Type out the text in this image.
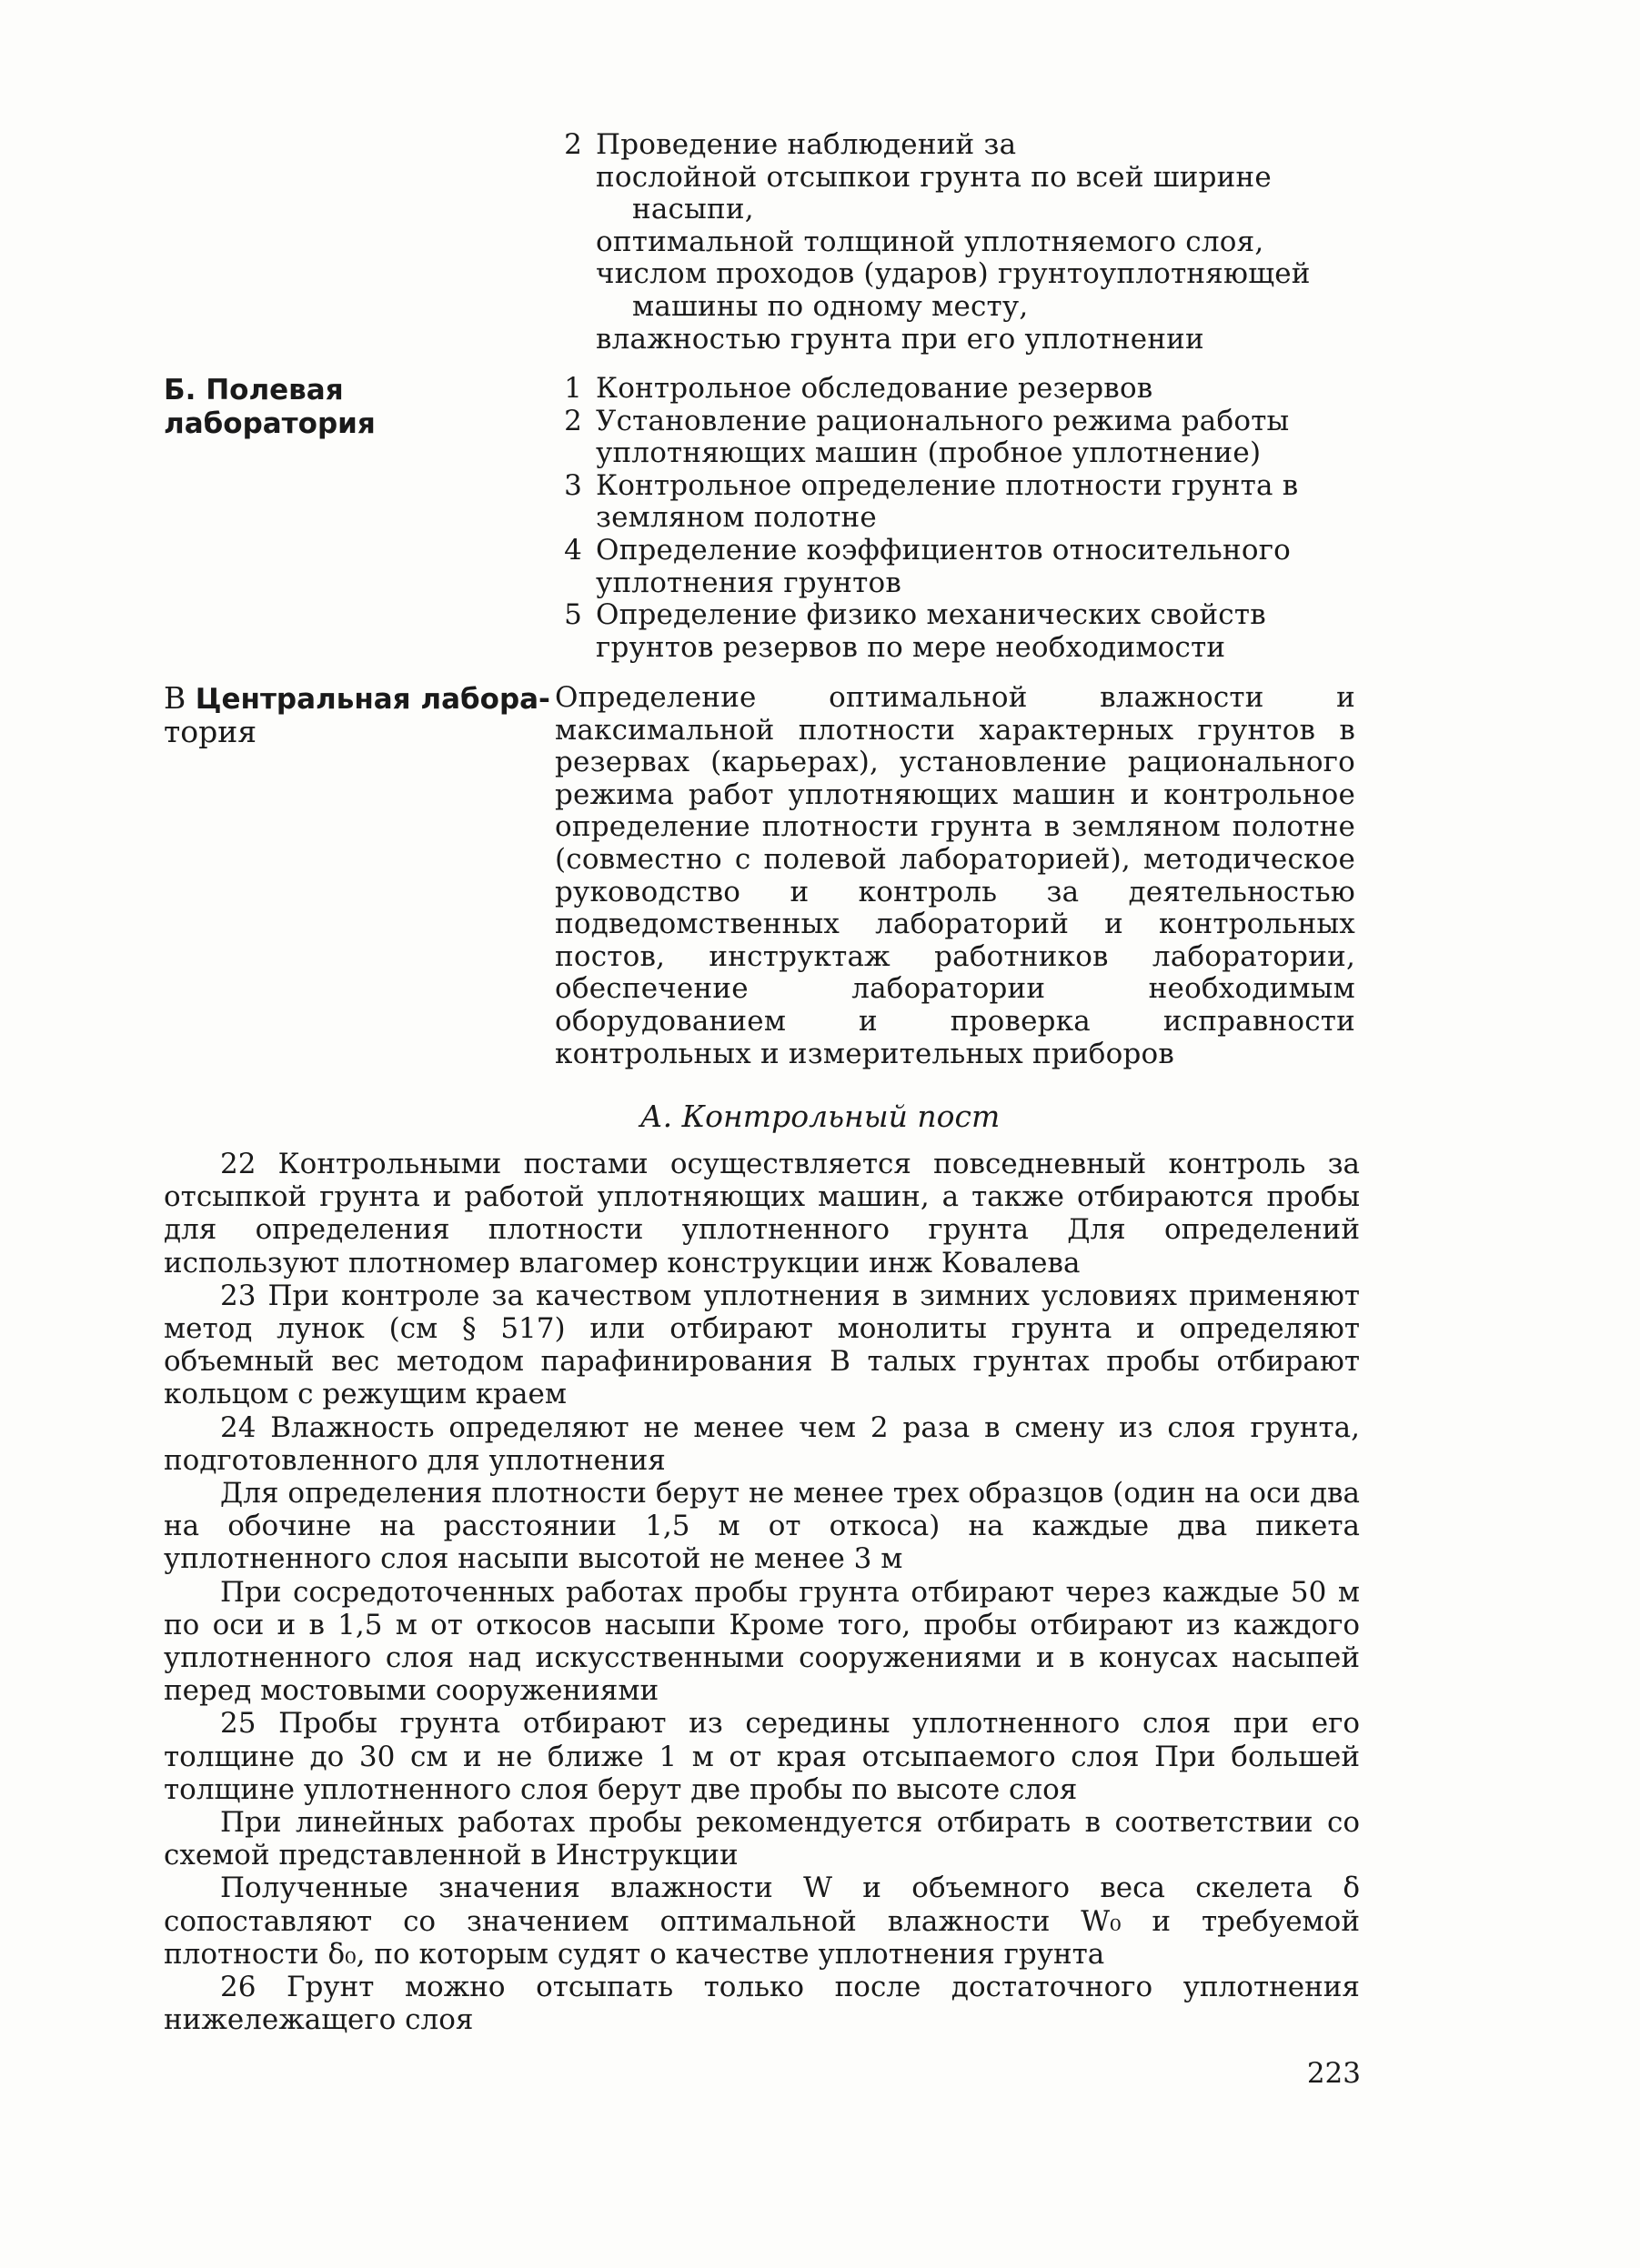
2 Проведение наблюдений за
послойной отсыпкои грунта по всей ширине насыпи,
оптимальной толщиной уплотняемого слоя,
числом проходов (ударов) грунтоуплотняющей машины по одному месту,
влажностью грунта при его уплотнении
Б. Полевая лаборатория
1 Контрольное обследование резервов
2 Установление рационального режима работы уплотняющих машин (пробное уплотнение)
3 Контрольное определение плотности грунта в земляном полотне
4 Определение коэффициентов относительного уплотнения грунтов
5 Определение физико механических свойств грунтов резервов по мере необходимости
В Центральная лабора-
тория
Определение оптимальной влажности и максимальной плотности характерных грунтов в резервах (карьерах), установление рационального режима работ уплотняющих машин и контрольное определение плотности грунта в земляном полотне (совместно с полевой лабораторией), методическое руководство и контроль за деятельностью подведомственных лабораторий и контрольных постов, инструктаж работников лаборатории, обеспечение лаборатории необходимым оборудованием и проверка исправности контрольных и измерительных приборов
А. Контрольный пост

22 Контрольными постами осуществляется повседневный контроль за отсыпкой грунта и работой уплотняющих машин, а также отбираются пробы для определения плотности уплотненного грунта Для определений используют плотномер влагомер конструкции инж Ковалева

23 При контроле за качеством уплотнения в зимних условиях применяют метод лунок (см § 517) или отбирают монолиты грунта и определяют объемный вес методом парафинирования В талых грунтах пробы отбирают кольцом с режущим краем

24 Влажность определяют не менее чем 2 раза в смену из слоя грунта, подготовленного для уплотнения

Для определения плотности берут не менее трех образцов (один на оси два на обочине на расстоянии 1,5 м от откоса) на каждые два пикета уплотненного слоя насыпи высотой не менее 3 м

При сосредоточенных работах пробы грунта отбирают через каждые 50 м по оси и в 1,5 м от откосов насыпи Кроме того, пробы отбирают из каждого уплотненного слоя над искусственными сооружениями и в конусах насыпей перед мостовыми сооружениями

25 Пробы грунта отбирают из середины уплотненного слоя при его толщине до 30 см и не ближе 1 м от края отсыпаемого слоя При большей толщине уплотненного слоя берут две пробы по высоте слоя

При линейных работах пробы рекомендуется отбирать в соответствии со схемой представленной в Инструкции

Полученные значения влажности W и объемного веса скелета δ сопоставляют со значением оптимальной влажности W₀ и требуемой плотности δ₀, по которым судят о качестве уплотнения грунта

26 Грунт можно отсыпать только после достаточного уплотнения нижележащего слоя

223
